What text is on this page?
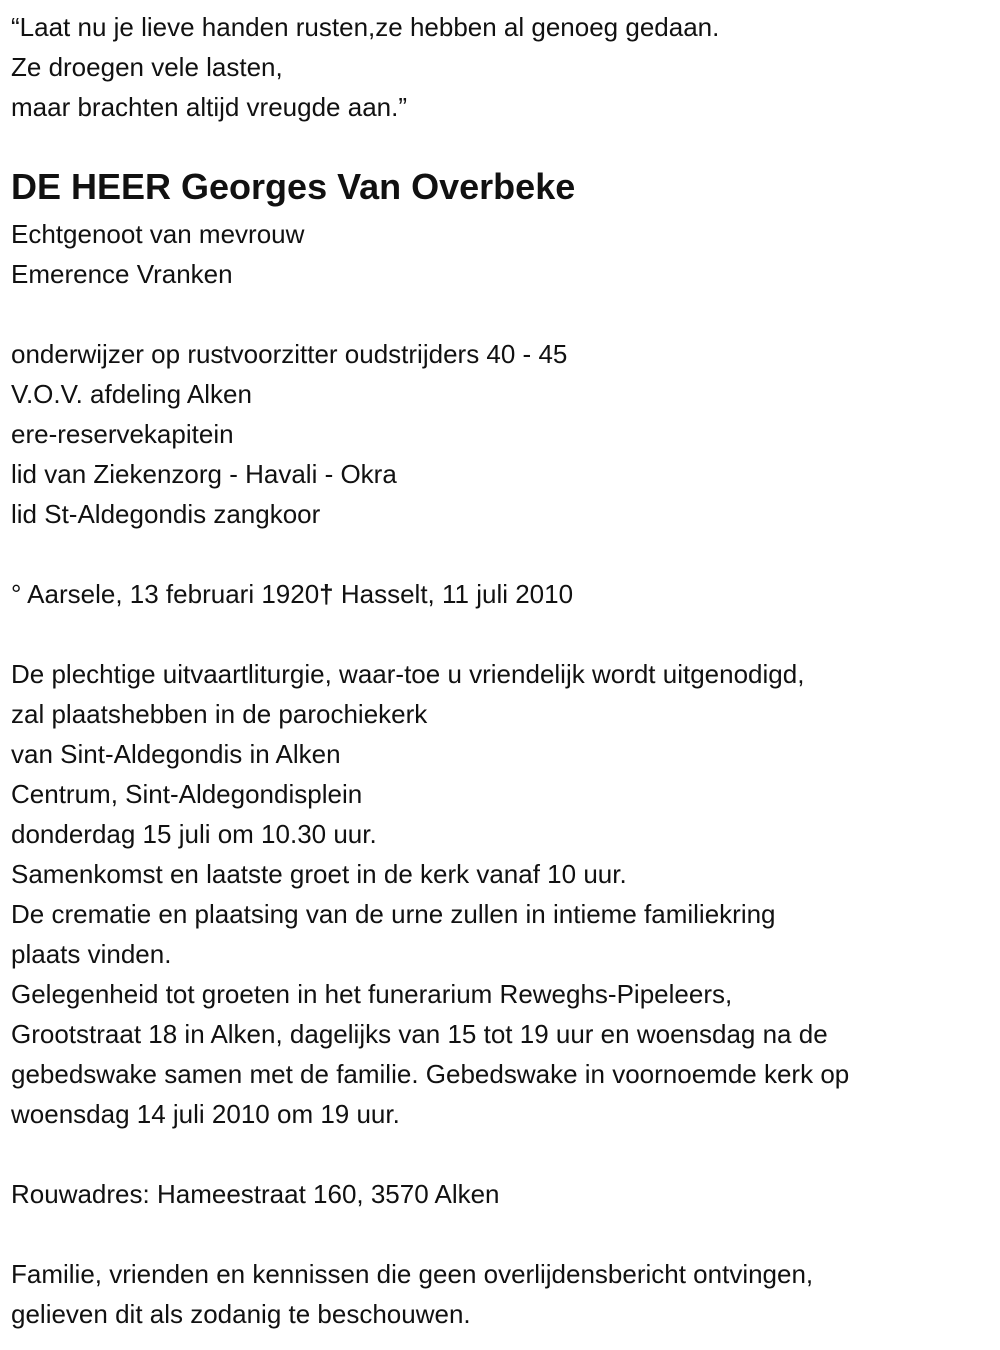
“Laat nu je lieve handen rusten,ze hebben al genoeg gedaan.
Ze droegen vele lasten,
maar brachten altijd vreugde aan.”
DE HEER Georges Van Overbeke
Echtgenoot van mevrouw
Emerence Vranken
onderwijzer op rustvoorzitter oudstrijders 40 - 45
V.O.V. afdeling Alken
ere-reservekapitein
lid van Ziekenzorg - Havali - Okra
lid St-Aldegondis zangkoor
° Aarsele, 13 februari 1920† Hasselt, 11 juli 2010
De plechtige uitvaartliturgie, waar-toe u vriendelijk wordt uitgenodigd,
zal plaatshebben in de parochiekerk
van Sint-Aldegondis in Alken
Centrum, Sint-Aldegondisplein
donderdag 15 juli om 10.30 uur.
Samenkomst en laatste groet in de kerk vanaf 10 uur.
De crematie en plaatsing van de urne zullen in intieme familiekring
plaats vinden.
Gelegenheid tot groeten in het funerarium Reweghs-Pipeleers,
Grootstraat 18 in Alken, dagelijks van 15 tot 19 uur en woensdag na de
gebedswake samen met de familie. Gebedswake in voornoemde kerk op
woensdag 14 juli 2010 om 19 uur.
Rouwadres: Hameestraat 160, 3570 Alken
Familie, vrienden en kennissen die geen overlijdensbericht ontvingen,
gelieven dit als zodanig te beschouwen.
